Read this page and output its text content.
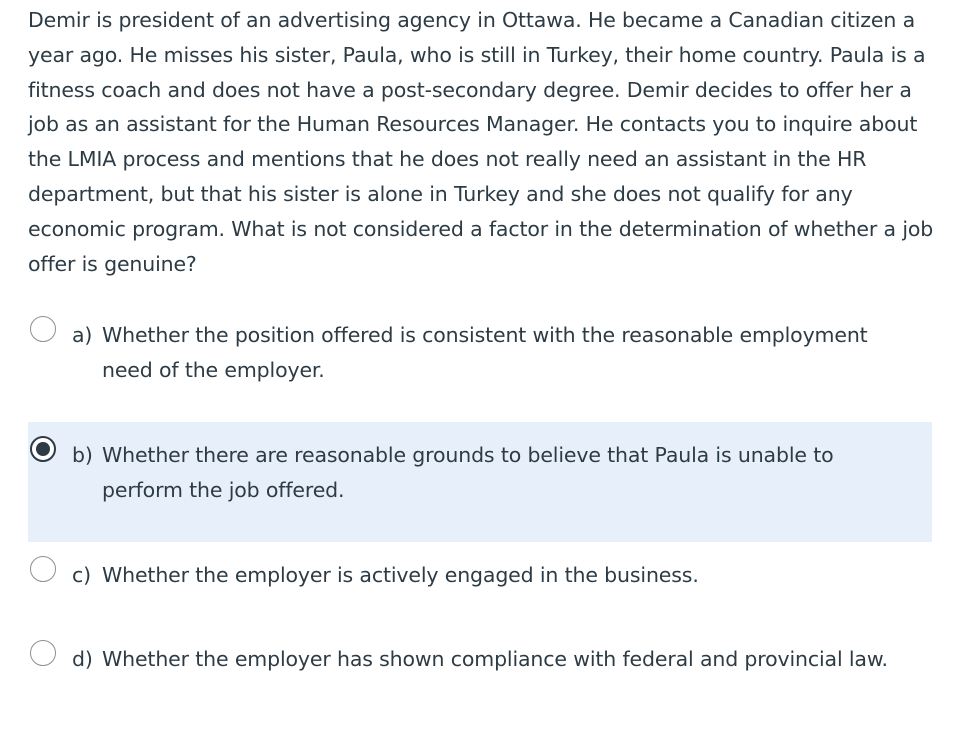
Demir is president of an advertising agency in Ottawa. He became a Canadian citizen a year ago. He misses his sister, Paula, who is still in Turkey, their home country. Paula is a fitness coach and does not have a post-secondary degree. Demir decides to offer her a job as an assistant for the Human Resources Manager. He contacts you to inquire about the LMIA process and mentions that he does not really need an assistant in the HR department, but that his sister is alone in Turkey and she does not qualify for any economic program. What is not considered a factor in the determination of whether a job offer is genuine?

a) Whether the position offered is consistent with the reasonable employment need of the employer.
b) Whether there are reasonable grounds to believe that Paula is unable to perform the job offered.
c) Whether the employer is actively engaged in the business.
d) Whether the employer has shown compliance with federal and provincial law.
